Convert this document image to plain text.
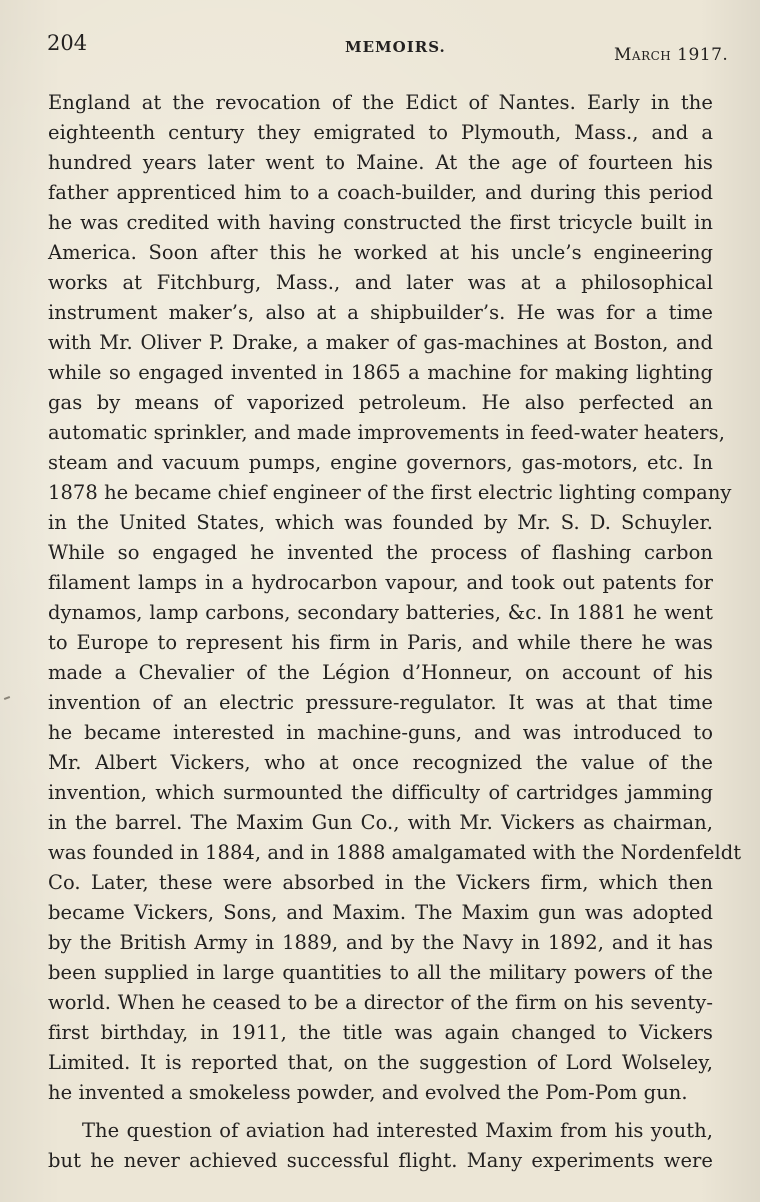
204	MEMOIRS.	March 1917.
England at the revocation of the Edict of Nantes. Early in the
eighteenth century they emigrated to Plymouth, Mass., and a
hundred years later went to Maine. At the age of fourteen his
father apprenticed him to a coach-builder, and during this period
he was credited with having constructed the first tricycle built in
America. Soon after this he worked at his uncle’s engineering
works at Fitchburg, Mass., and later was at a philosophical
instrument maker’s, also at a shipbuilder’s. He was for a time
with Mr. Oliver P. Drake, a maker of gas-machines at Boston, and
while so engaged invented in 1865 a machine for making lighting
gas by means of vaporized petroleum. He also perfected an
automatic sprinkler, and made improvements in feed-water heaters,
steam and vacuum pumps, engine governors, gas-motors, etc. In
1878 he became chief engineer of the first electric lighting company
in the United States, which was founded by Mr. S. D. Schuyler.
While so engaged he invented the process of flashing carbon
filament lamps in a hydrocarbon vapour, and took out patents for
dynamos, lamp carbons, secondary batteries, &c. In 1881 he went
to Europe to represent his firm in Paris, and while there he was
made a Chevalier of the Légion d’Honneur, on account of his
invention of an electric pressure-regulator. It was at that time
he became interested in machine-guns, and was introduced to
Mr. Albert Vickers, who at once recognized the value of the
invention, which surmounted the difficulty of cartridges jamming
in the barrel. The Maxim Gun Co., with Mr. Vickers as chairman,
was founded in 1884, and in 1888 amalgamated with the Nordenfeldt
Co. Later, these were absorbed in the Vickers firm, which then
became Vickers, Sons, and Maxim. The Maxim gun was adopted
by the British Army in 1889, and by the Navy in 1892, and it has
been supplied in large quantities to all the military powers of the
world. When he ceased to be a director of the firm on his seventy-
first birthday, in 1911, the title was again changed to Vickers
Limited. It is reported that, on the suggestion of Lord Wolseley,
he invented a smokeless powder, and evolved the Pom-Pom gun.
The question of aviation had interested Maxim from his youth,
but he never achieved successful flight. Many experiments were
